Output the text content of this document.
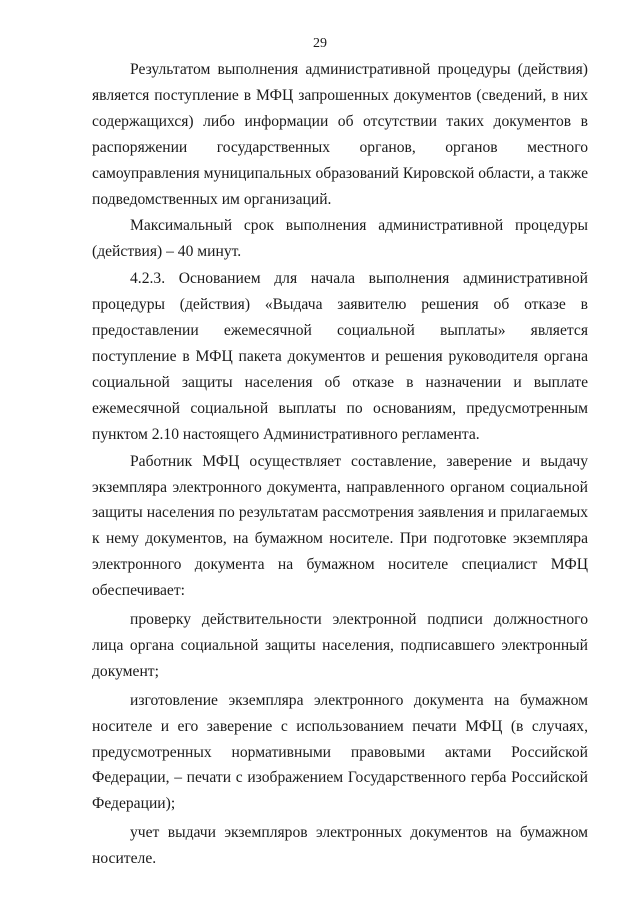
29

Результатом выполнения административной процедуры (действия) является поступление в МФЦ запрошенных документов (сведений, в них содержащихся) либо информации об отсутствии таких документов в распоряжении государственных органов, органов местного самоуправления муниципальных образований Кировской области, а также подведомственных им организаций.

Максимальный срок выполнения административной процедуры (действия) – 40 минут.

4.2.3. Основанием для начала выполнения административной процедуры (действия) «Выдача заявителю решения об отказе в предоставлении ежемесячной социальной выплаты» является поступление в МФЦ пакета документов и решения руководителя органа социальной защиты населения об отказе в назначении и выплате ежемесячной социальной выплаты по основаниям, предусмотренным пунктом 2.10 настоящего Административного регламента.

Работник МФЦ осуществляет составление, заверение и выдачу экземпляра электронного документа, направленного органом социальной защиты населения по результатам рассмотрения заявления и прилагаемых к нему документов, на бумажном носителе. При подготовке экземпляра электронного документа на бумажном носителе специалист МФЦ обеспечивает:

проверку действительности электронной подписи должностного лица органа социальной защиты населения, подписавшего электронный документ;

изготовление экземпляра электронного документа на бумажном носителе и его заверение с использованием печати МФЦ (в случаях, предусмотренных нормативными правовыми актами Российской Федерации, – печати с изображением Государственного герба Российской Федерации);

учет выдачи экземпляров электронных документов на бумажном носителе.
